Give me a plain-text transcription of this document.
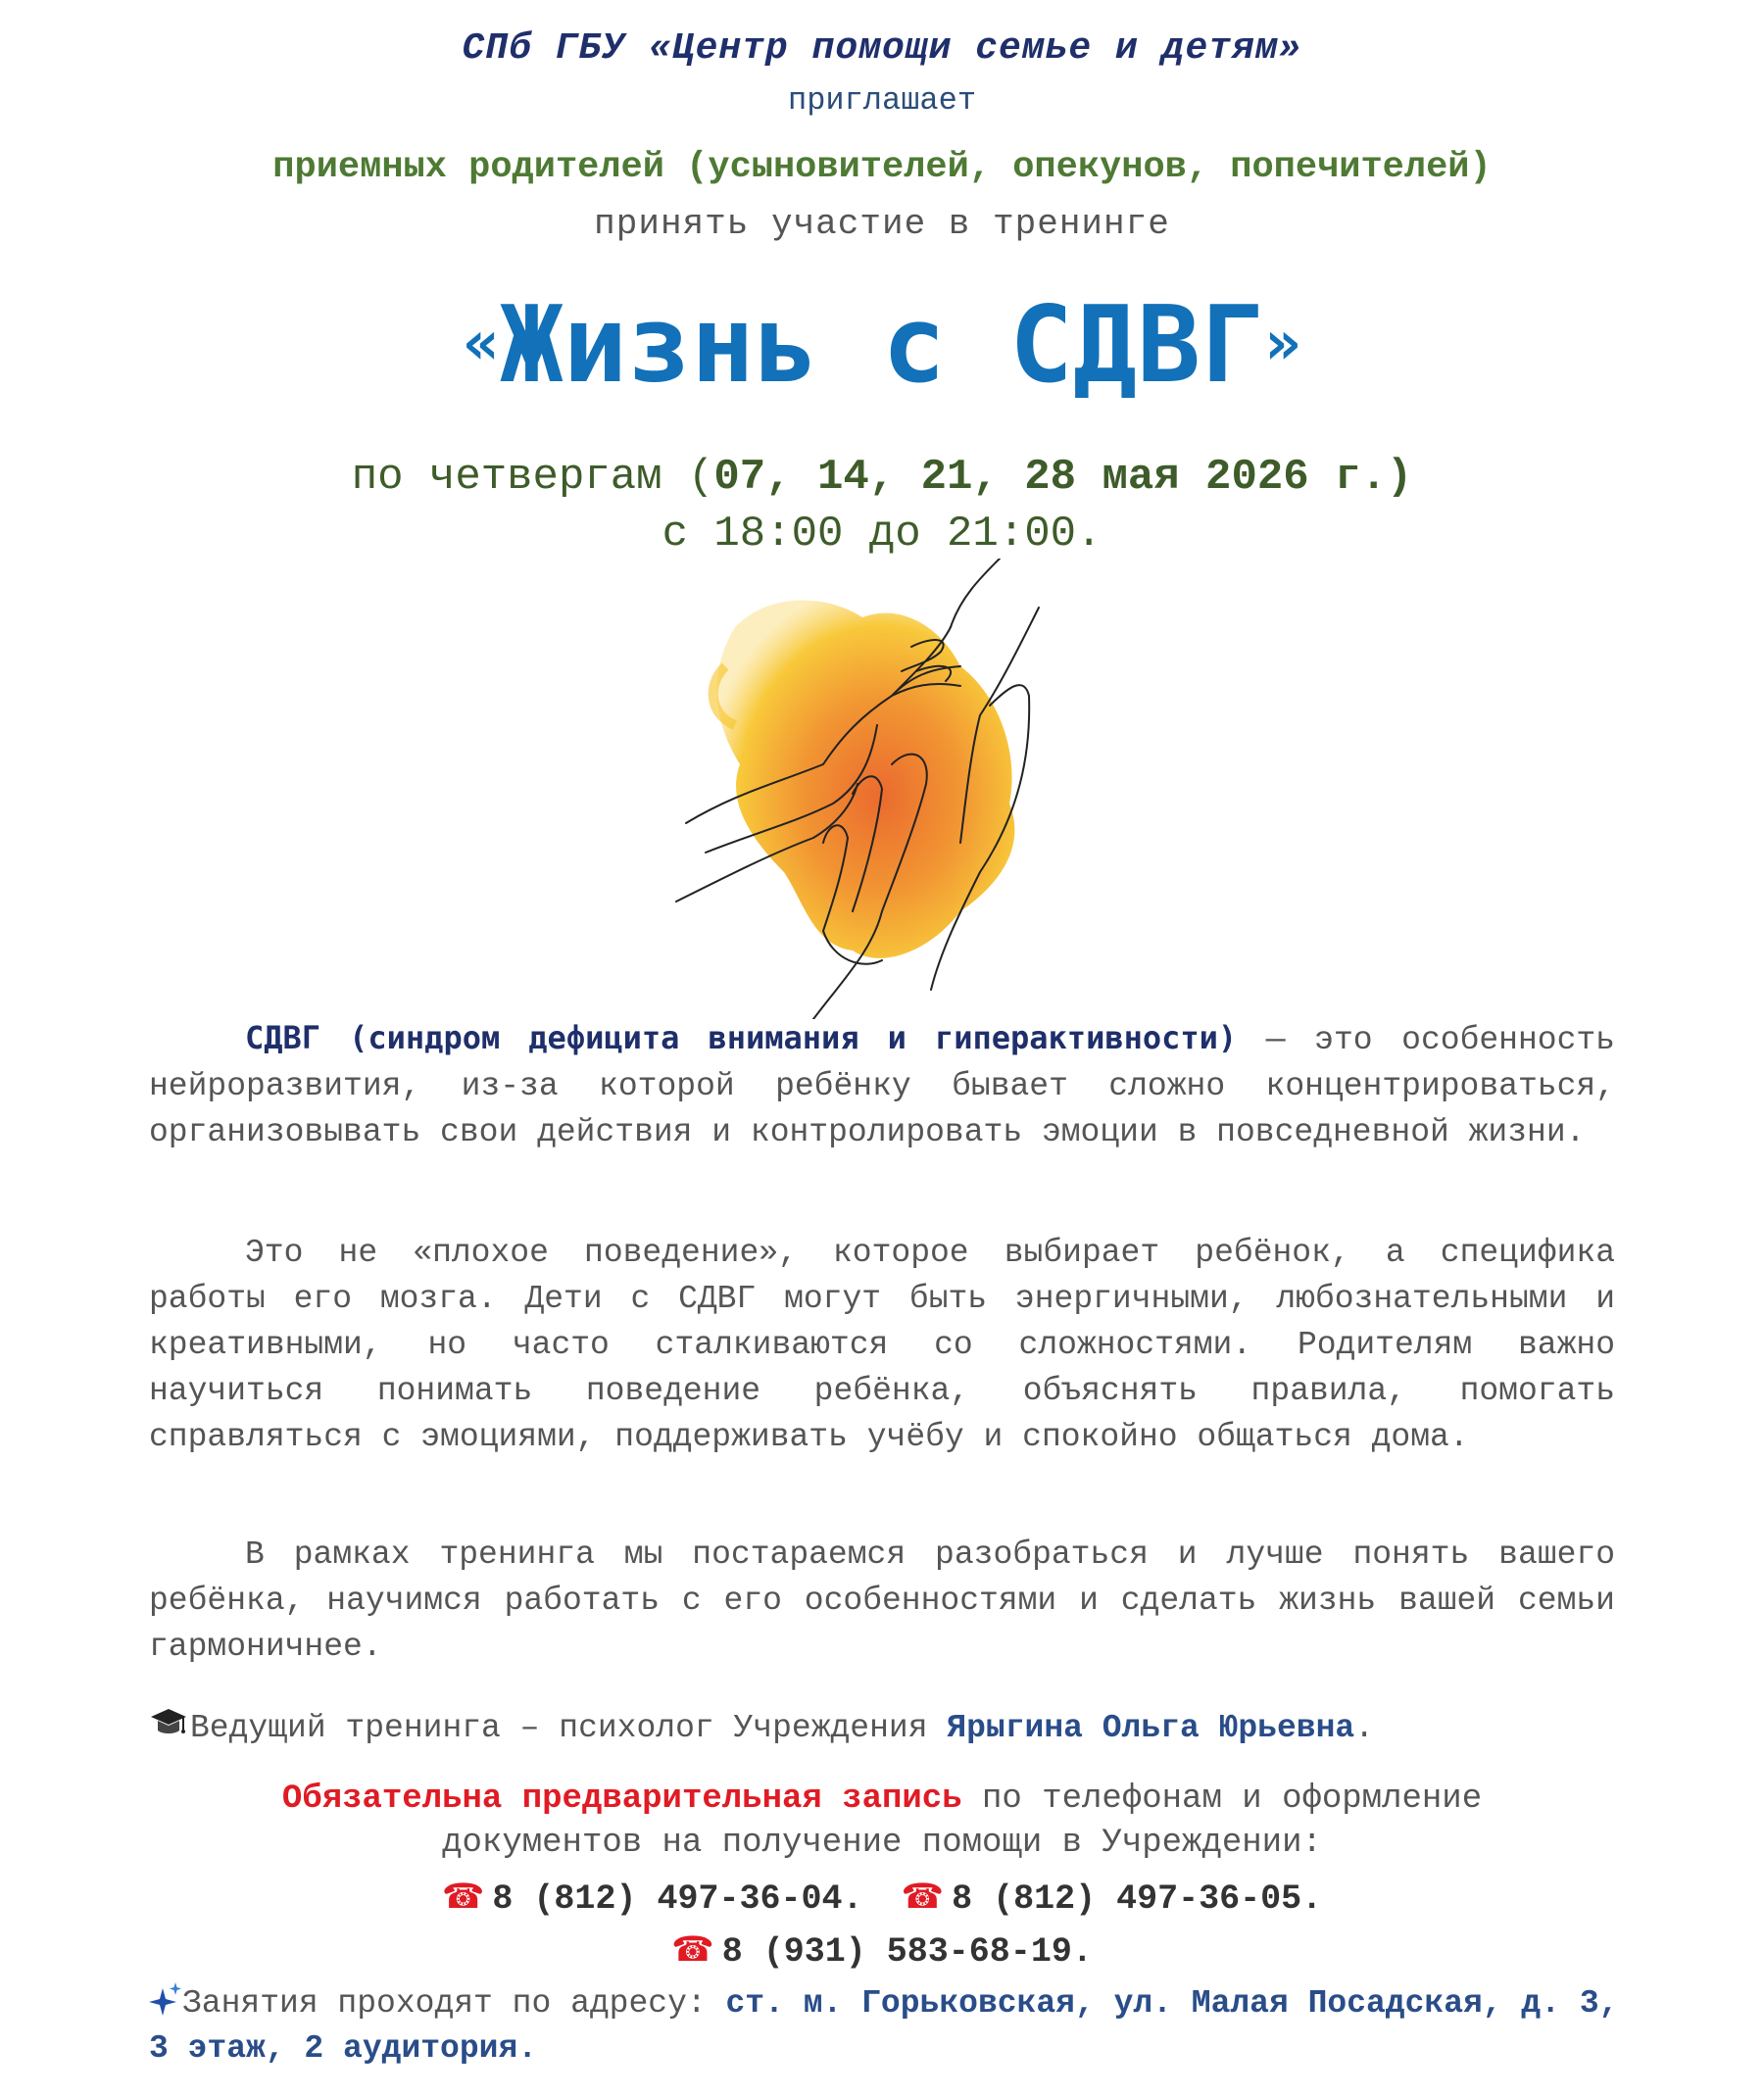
СПб ГБУ «Центр помощи семье и детям»
приглашает
приемных родителей (усыновителей, опекунов, попечителей)
принять участие в тренинге
«Жизнь с СДВГ»
по четвергам (07, 14, 21, 28 мая 2026 г.)
с 18:00 до 21:00.
СДВГ (синдром дефицита внимания и гиперактивности) — это особенность нейроразвития, из-за которой ребёнку бывает сложно концентрироваться, организовывать свои действия и контролировать эмоции в повседневной жизни.
Это не «плохое поведение», которое выбирает ребёнок, а специфика работы его мозга. Дети с СДВГ могут быть энергичными, любознательными и креативными, но часто сталкиваются со сложностями. Родителям важно научиться понимать поведение ребёнка, объяснять правила, помогать справляться с эмоциями, поддерживать учёбу и спокойно общаться дома.
В рамках тренинга мы постараемся разобраться и лучше понять вашего ребёнка, научимся работать с его особенностями и сделать жизнь вашей семьи гармоничнее.
Ведущий тренинга – психолог Учреждения Ярыгина Ольга Юрьевна.
Обязательна предварительная запись по телефонам и оформление
документов на получение помощи в Учреждении:
☎ 8 (812) 497-36-04. ☎ 8 (812) 497-36-05.
☎ 8 (931) 583-68-19.
Занятия проходят по адресу: ст. м. Горьковская, ул. Малая Посадская, д. 3, 3 этаж, 2 аудитория.
